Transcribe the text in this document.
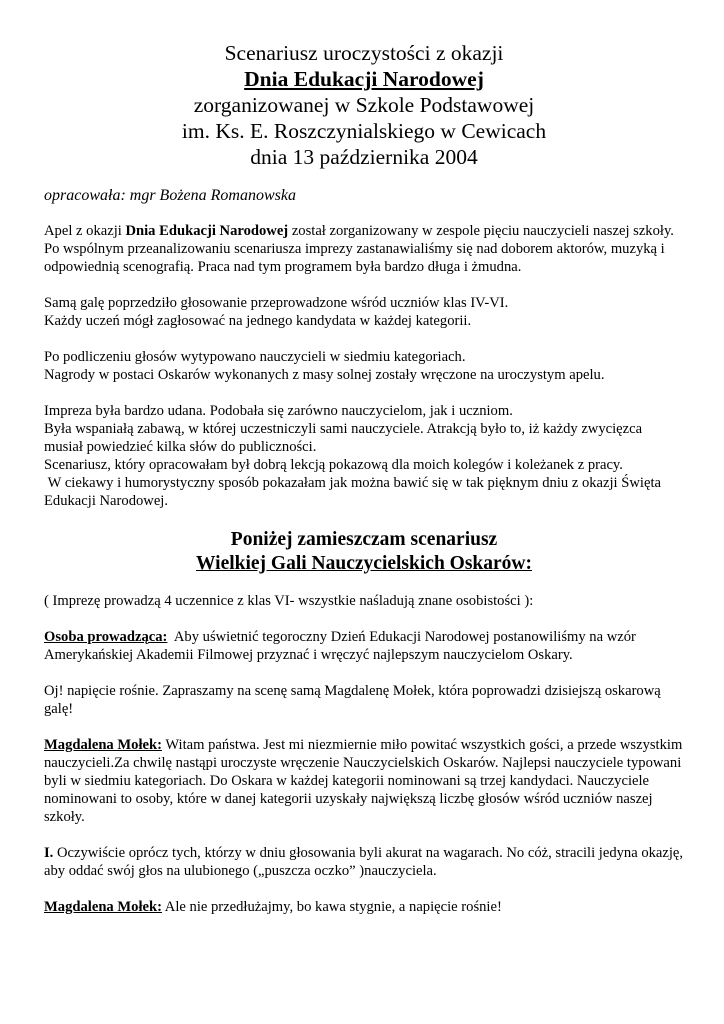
Scenariusz uroczystości z okazji
Dnia Edukacji Narodowej
zorganizowanej w Szkole Podstawowej
im. Ks. E. Roszczynialskiego w Cewicach
dnia 13 października 2004
opracowała: mgr Bożena Romanowska
Apel z okazji Dnia Edukacji Narodowej został zorganizowany w zespole pięciu nauczycieli naszej szkoły.
Po wspólnym przeanalizowaniu scenariusza imprezy zastanawialiśmy się nad doborem aktorów, muzyką i odpowiednią scenografią. Praca nad tym programem była bardzo długa i żmudna.
Samą galę poprzedziło głosowanie przeprowadzone wśród uczniów klas IV-VI.
Każdy uczeń mógł zagłosować na jednego kandydata w każdej kategorii.
Po podliczeniu głosów wytypowano nauczycieli w siedmiu kategoriach.
Nagrody w postaci Oskarów wykonanych z masy solnej zostały wręczone na uroczystym apelu.
Impreza była bardzo udana. Podobała się zarówno nauczycielom, jak i uczniom.
Była wspaniałą zabawą, w której uczestniczyli sami nauczyciele. Atrakcją było to, iż każdy zwycięzca musiał powiedzieć kilka słów do publiczności.
Scenariusz, który opracowałam był dobrą lekcją pokazową dla moich kolegów i koleżanek z pracy.
W ciekawy i humorystyczny sposób pokazałam jak można bawić się w tak pięknym dniu z okazji Święta Edukacji Narodowej.
Poniżej zamieszczam scenariusz
Wielkiej Gali Nauczycielskich Oskarów:
( Imprezę prowadzą 4 uczennice z klas VI- wszystkie naśladują znane osobistości ):
Osoba prowadząca:  Aby uświetnić tegoroczny Dzień Edukacji Narodowej postanowiliśmy na wzór Amerykańskiej Akademii Filmowej przyznać i wręczyć najlepszym nauczycielom Oskary.
Oj! napięcie rośnie. Zapraszamy na scenę samą Magdalenę Mołek, która poprowadzi dzisiejszą oskarową galę!
Magdalena Mołek: Witam państwa. Jest mi niezmiernie miło powitać wszystkich gości, a przede wszystkim nauczycieli.Za chwilę nastąpi uroczyste wręczenie Nauczycielskich Oskarów. Najlepsi nauczyciele typowani byli w siedmiu kategoriach. Do Oskara w każdej kategorii nominowani są trzej kandydaci. Nauczyciele nominowani to osoby, które w danej kategorii uzyskały największą liczbę głosów wśród uczniów naszej szkoły.
I. Oczywiście oprócz tych, którzy w dniu głosowania byli akurat na wagarach. No cóż, stracili jedyna okazję, aby oddać swój głos na ulubionego („puszcza oczko” )nauczyciela.
Magdalena Mołek: Ale nie przedłużajmy, bo kawa stygnie, a napięcie rośnie!
